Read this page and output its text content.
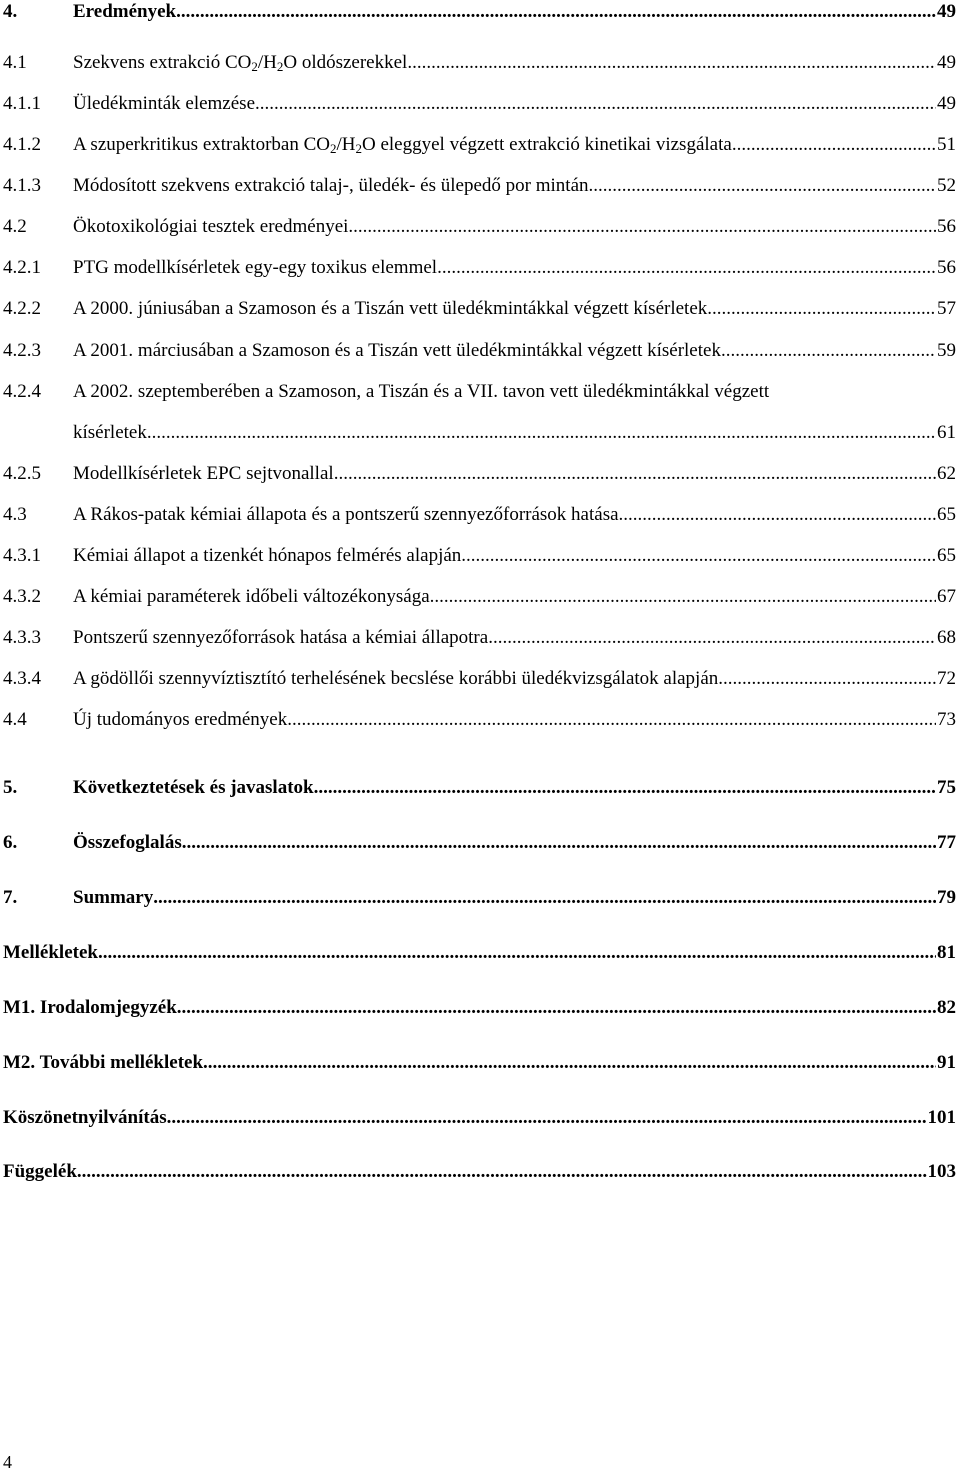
4.	Eredmények .....	49
4.1 Szekvens extrakció $CO_2/H_2O$ oldószerekkel .....	49
4.1.1 Üledékminták elemzése .....	49
4.1.2 A szuperkritikus extraktorban $CO_2/H_2O$ eleggyel végzett extrakció kinetikai vizsgálata .....	51
4.1.3 Módosított szekvens extrakció talaj-, üledék- és ülepedő por mintán .....	52
4.2 Ökotoxikológiai tesztek eredményei .....	56
4.2.1 PTG modellkísérletek egy-egy toxikus elemmel .....	56
4.2.2 A 2000. júniusában a Szamoson és a Tiszán vett üledékmintákkal végzett kísérletek .....	57
4.2.3 A 2001. márciusában a Szamoson és a Tiszán vett üledékmintákkal végzett kísérletek .....	59
4.2.4 A 2002. szeptemberében a Szamoson, a Tiszán és a VII. tavon vett üledékmintákkal végzett
kísérletek .....	61
4.2.5 Modellkísérletek EPC sejtvonallal .....	62
4.3 A Rákos-patak kémiai állapota és a pontszerű szennyezőforrások hatása .....	65
4.3.1 Kémiai állapot a tizenkét hónapos felmérés alapján .....	65
4.3.2 A kémiai paraméterek időbeli változékonysága .....	67
4.3.3 Pontszerű szennyezőforrások hatása a kémiai állapotra .....	68
4.3.4 A gödöllői szennyvíztisztító terhelésének becslése korábbi üledékvizsgálatok alapján .....	72
4.4 Új tudományos eredmények .....	73
5.	Következtetések és javaslatok .....	75
6.	Összefoglalás .....	77
7.	Summary .....	79
Mellékletek .....	81
M1. Irodalomjegyzék .....	82
M2. További mellékletek .....	91
Köszönetnyilvánítás .....	101
Függelék .....	103
4
